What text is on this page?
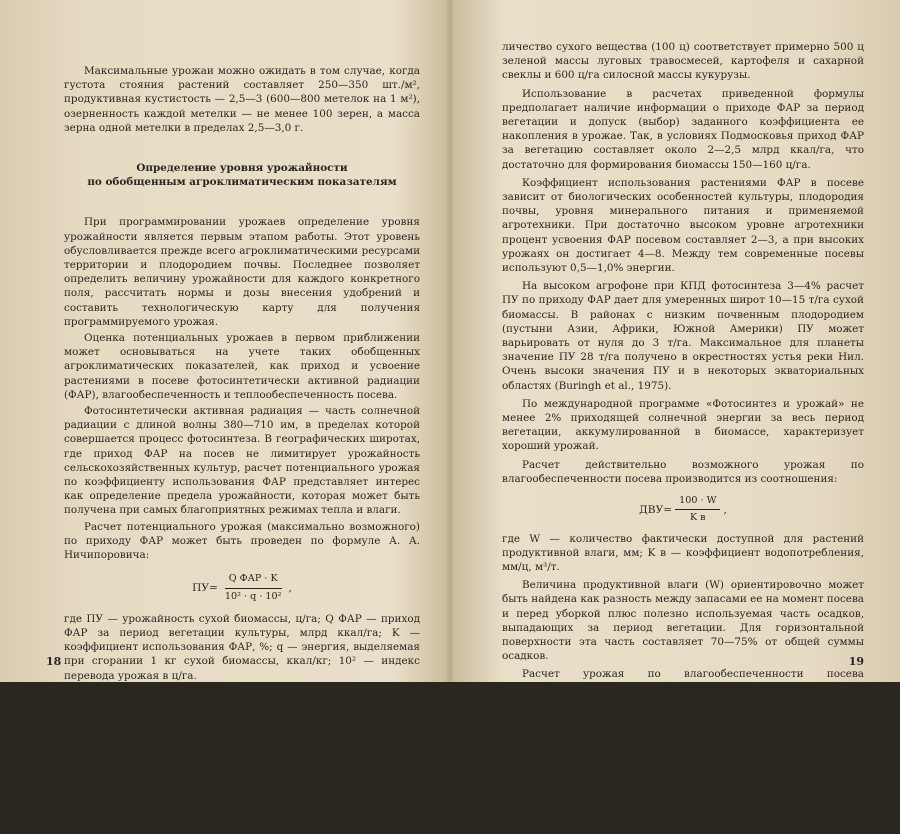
Максимальные урожаи можно ожидать в том случае, когда густота стояния растений составляет 250—350 шт./м², продуктивная кустистость — 2,5—3 (600—800 метелок на 1 м²), озерненность каждой метелки — не менее 100 зерен, а масса зерна одной метелки в пределах 2,5—3,0 г.

Определение уровня урожайности

по обобщенным агроклиматическим показателям

При программировании урожаев определение уровня урожайности является первым этапом работы. Этот уровень обусловливается прежде всего агроклиматическими ресурсами территории и плодородием почвы. Последнее позволяет определить величину урожайности для каждого конкретного поля, рассчитать нормы и дозы внесения удобрений и составить технологическую карту для получения программируемого урожая.

Оценка потенциальных урожаев в первом приближении может основываться на учете таких обобщенных агроклиматических показателей, как приход и усвоение растениями в посеве фотосинтетически активной радиации (ФАР), влагообеспеченность и теплообеспеченность посева.

Фотосинтетически активная радиация — часть солнечной радиации с длиной волны 380—710 им, в пределах которой совершается процесс фотосинтеза. В географических широтах, где приход ФАР на посев не лимитирует урожайность сельскохозяйственных культур, расчет потенциального урожая по коэффициенту использования ФАР представляет интерес как определение предела урожайности, которая может быть получена при самых благоприятных режимах тепла и влаги.

Расчет потенциального урожая (максимально возможного) по приходу ФАР может быть проведен по формуле А. А. Ничипоровича:

$ПУ= \frac{\text{Q ФАР · K}}{\text{10² · q · 10²}}$ ,

где ПУ — урожайность сухой биомассы, ц/га; Q ФАР — приход ФАР за период вегетации культуры, млрд ккал/га; K — коэффициент использования ФАР, %; q — энергия, выделяемая при сгорании 1 кг сухой биомассы, ккал/кг; 10² — индекс перевода урожая в ц/га.

Например, запланировано усвоение посевом пшеницы 2% ФАР для района, где приход ФАР за период вегетации составляет около 2,0 млрд ккал/га:

У биол. = $\frac{\text{2 · 10⁹ · 2}}{\text{10² · 4000 · 10²}} =100$ ц/га.

Если принять, что из общей массы урожая на долю соломы приходится 60%, то доля сухого зерна составит 40 ц/га. Указанное ко-

18

личество сухого вещества (100 ц) соответствует примерно 500 ц зеленой массы луговых травосмесей, картофеля и сахарной свеклы и 600 ц/га силосной массы кукурузы.

Использование в расчетах приведенной формулы предполагает наличие информации о приходе ФАР за период вегетации и допуск (выбор) заданного коэффициента ее накопления в урожае. Так, в условиях Подмосковья приход ФАР за вегетацию составляет около 2—2,5 млрд ккал/га, что достаточно для формирования биомассы 150—160 ц/га.

Коэффициент использования растениями ФАР в посеве зависит от биологических особенностей культуры, плодородия почвы, уровня минерального питания и применяемой агротехники. При достаточно высоком уровне агротехники процент усвоения ФАР посевом составляет 2—3, а при высоких урожаях он достигает 4—8. Между тем современные посевы используют 0,5—1,0% энергии.

На высоком агрофоне при КПД фотосинтеза 3—4% расчет ПУ по приходу ФАР дает для умеренных широт 10—15 т/га сухой биомассы. В районах с низким почвенным плодородием (пустыни Азии, Африки, Южной Америки) ПУ может варьировать от нуля до 3 т/га. Максимальное для планеты значение ПУ 28 т/га получено в окрестностях устья реки Нил. Очень высоки значения ПУ и в некоторых экваториальных областях (Buringh et al., 1975).

По международной программе «Фотосинтез и урожай» не менее 2% приходящей солнечной энергии за весь период вегетации, аккумулированной в биомассе, характеризует хороший урожай.

Расчет действительно возможного урожая по влагообеспеченности посева производится из соотношения:

$ДВУ= \frac{100 \cdot W}{\text{K в}}$ ,

где W — количество фактически доступной для растений продуктивной влаги, мм; K в — коэффициент водопотребления, мм/ц, м³/т.

Величина продуктивной влаги (W) ориентировочно может быть найдена как разность между запасами ее на момент посева и перед уборкой плюс полезно используемая часть осадков, выпадающих за период вегетации. Для горизонтальной поверхности эта часть составляет 70—75% от общей суммы осадков.

Расчет урожая по влагообеспеченности посева целесообразно проводить дифференцированно по агроклиматическим районам, а в дальнейшем для каждого хозяйства и поля с учетом их микроклиматических особенностей и рельефа.

Действительно возможный урожай, определяемый по гидротермическому показателю продуктивности с учетом среднегодового баланса интегральной радиации, ресурсов тепла и влаги, может быть рассчитан по эмпирической формуле А. М. Рябчикова:

У=22ГТП — 10.
19
